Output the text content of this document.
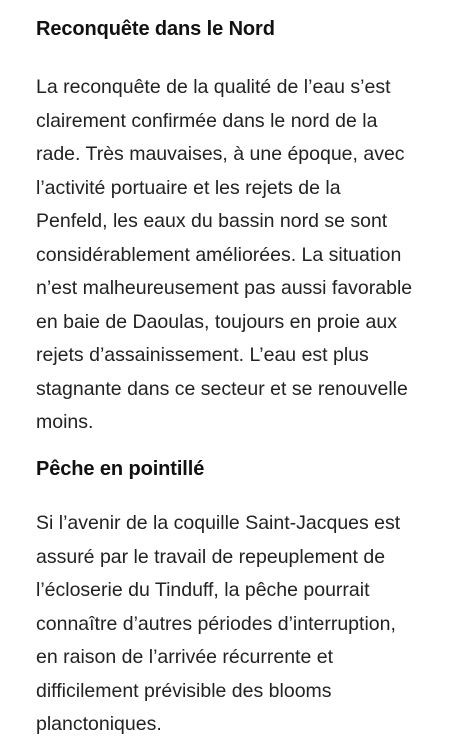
Reconquête dans le Nord

La reconquête de la qualité de l’eau s’est
clairement confirmée dans le nord de la
rade. Très mauvaises, à une époque, avec
l’activité portuaire et les rejets de la
Penfeld, les eaux du bassin nord se sont
considérablement améliorées. La situation
n’est malheureusement pas aussi favorable
en baie de Daoulas, toujours en proie aux
rejets d’assainissement. L’eau est plus
stagnante dans ce secteur et se renouvelle
moins.

Pêche en pointillé

Si l’avenir de la coquille Saint-Jacques est
assuré par le travail de repeuplement de
l’écloserie du Tinduff, la pêche pourrait
connaître d’autres périodes d’interruption,
en raison de l’arrivée récurrente et
difficilement prévisible des blooms
planctoniques.
